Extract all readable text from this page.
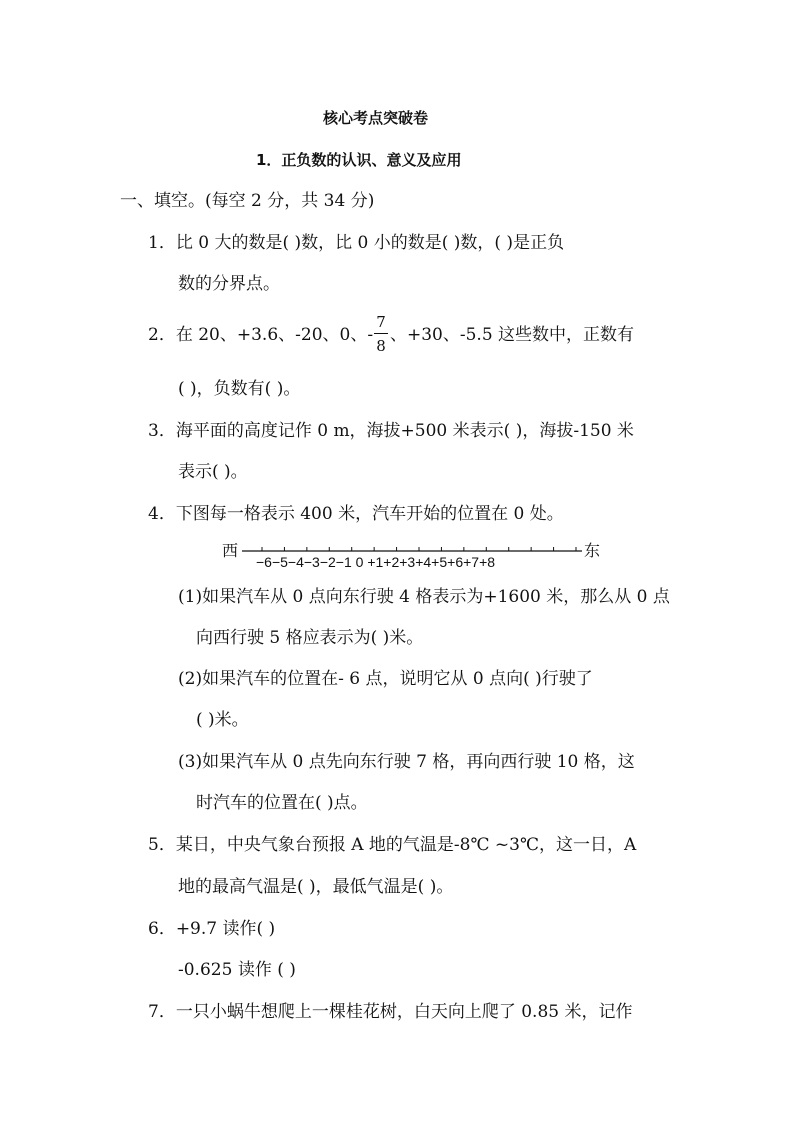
核心考点突破卷
1．正负数的认识、意义及应用
一、填空。(每空 2 分，共 34 分)
1．比 0 大的数是( )数，比 0 小的数是( )数，( )是正负
数的分界点。
2．在 20、+3.6、-20、0、-
7
8
、+30、-5.5 这些数中，正数有
( )，负数有( )。
3．海平面的高度记作 0 m，海拔+500 米表示( )，海拔-150 米
表示( )。
4．下图每一格表示 400 米，汽车开始的位置在 0 处。
西
−6−5−4−3−2−1 0 +1+2+3+4+5+6+7+8
东
(1)如果汽车从 0 点向东行驶 4 格表示为+1600 米，那么从 0 点
向西行驶 5 格应表示为( )米。
(2)如果汽车的位置在- 6 点，说明它从 0 点向( )行驶了
( )米。
(3)如果汽车从 0 点先向东行驶 7 格，再向西行驶 10 格，这
时汽车的位置在( )点。
5．某日，中央气象台预报 A 地的气温是-8℃ ~3℃，这一日，A
地的最高气温是( )，最低气温是( )。
6．+9.7 读作( )
-0.625 读作 ( )
7．一只小蜗牛想爬上一棵桂花树，白天向上爬了 0.85 米，记作
